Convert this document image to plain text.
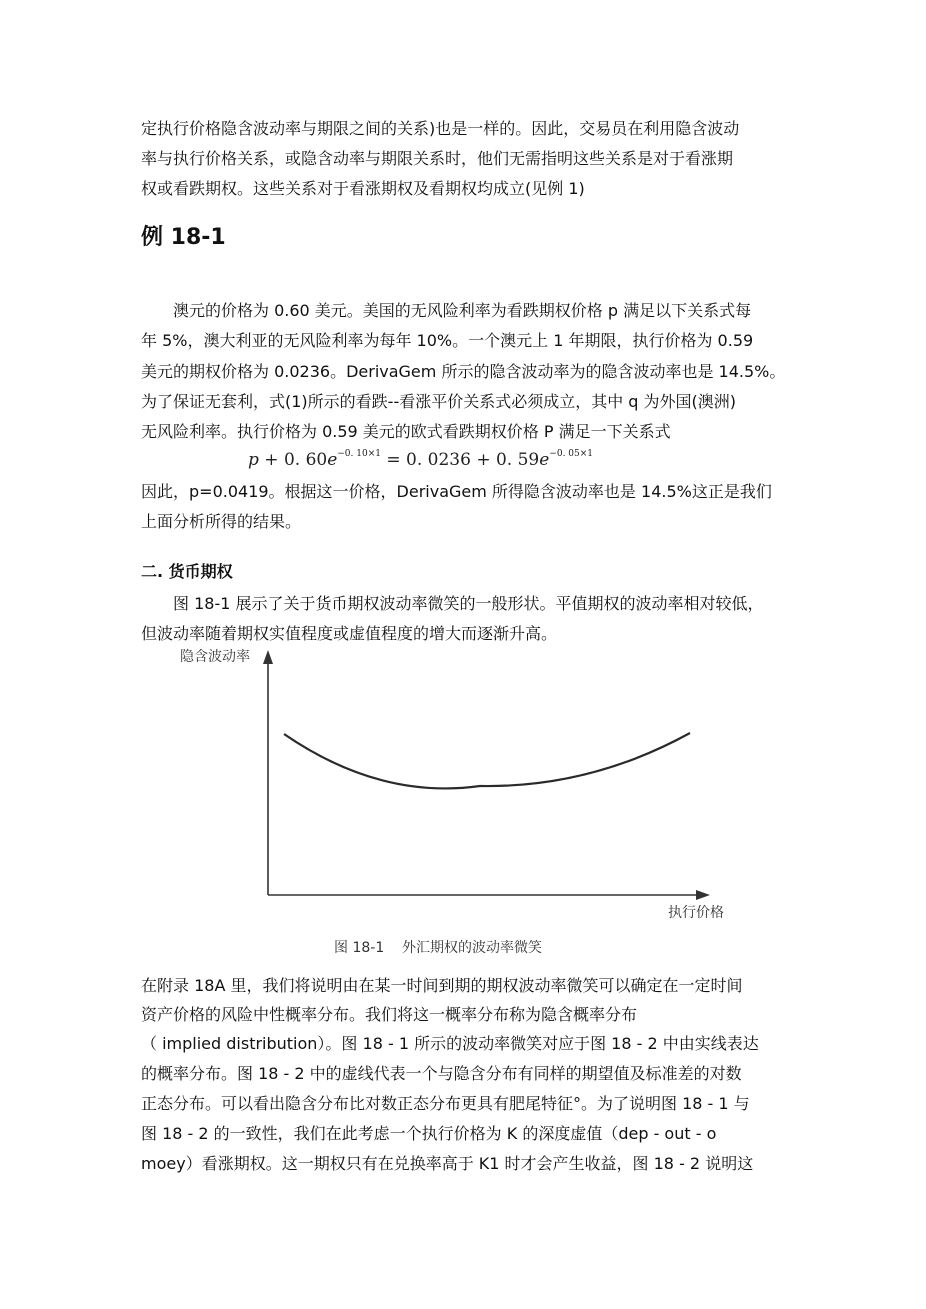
定执行价格隐含波动率与期限之间的关系)也是一样的。因此，交易员在利用隐含波动
率与执行价格关系，或隐含动率与期限关系时，他们无需指明这些关系是对于看涨期
权或看跌期权。这些关系对于看涨期权及看期权均成立(见例 1)
例 18-1
澳元的价格为 0.60 美元。美国的无风险利率为看跌期权价格 p 满足以下关系式每
年 5%，澳大利亚的无风险利率为每年 10%。一个澳元上 1 年期限，执行价格为 0.59
美元的期权价格为 0.0236。DerivaGem 所示的隐含波动率为的隐含波动率也是 14.5%。
为了保证无套利，式(1)所示的看跌--看涨平价关系式必须成立，其中 q 为外国(澳洲)
无风险利率。执行价格为 0.59 美元的欧式看跌期权价格 P 满足一下关系式
p + 0. $60e^{-0. 10\times 1} = 0$. 0236 + 0. $59e^{-0. 05\times 1}$
因此，p=0.0419。根据这一价格，DerivaGem 所得隐含波动率也是 14.5%这正是我们
上面分析所得的结果。
二. 货币期权
图 18-1 展示了关于货币期权波动率微笑的一般形状。平值期权的波动率相对较低，
但波动率随着期权实值程度或虚值程度的增大而逐渐升高。
隐含波动率
执行价格
图 18-1    外汇期权的波动率微笑
在附录 18A 里，我们将说明由在某一时间到期的期权波动率微笑可以确定在一定时间
资产价格的风险中性概率分布。我们将这一概率分布称为隐含概率分布
（ implied distribution）。图 18 - 1 所示的波动率微笑对应于图 18 - 2 中由实线表达
的概率分布。图 18 - 2 中的虚线代表一个与隐含分布有同样的期望值及标准差的对数
正态分布。可以看出隐含分布比对数正态分布更具有肥尾特征°。为了说明图 18 - 1 与
图 18 - 2 的一致性，我们在此考虑一个执行价格为 K 的深度虚值（dep - out - o
moey）看涨期权。这一期权只有在兑换率高于 K1 时才会产生收益，图 18 - 2 说明这
